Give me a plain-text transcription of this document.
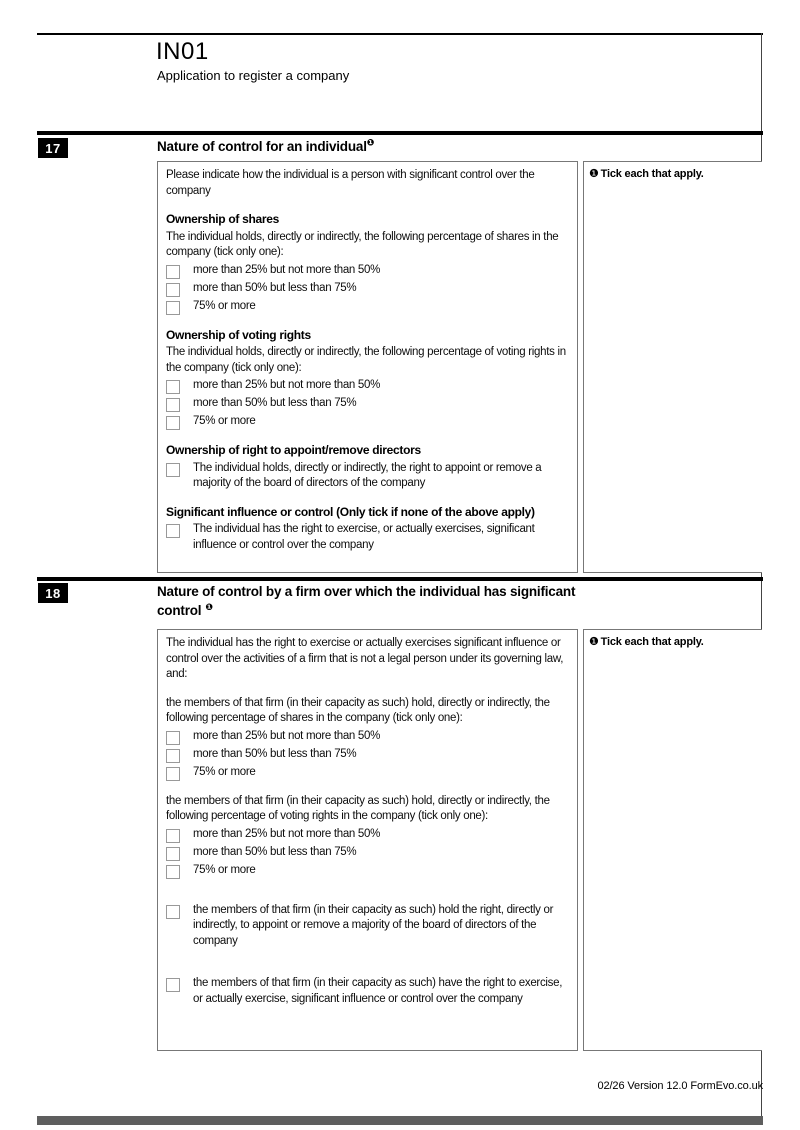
IN01
Application to register a company
17	Nature of control for an individual$^❶$
Please indicate how the individual is a person with significant control over the company
Ownership of shares
The individual holds, directly or indirectly, the following percentage of shares in the company (tick only one):
more than 25% but not more than 50%
more than 50% but less than 75%
75% or more
Ownership of voting rights
The individual holds, directly or indirectly, the following percentage of voting rights in the company (tick only one):
more than 25% but not more than 50%
more than 50% but less than 75%
75% or more
Ownership of right to appoint/remove directors
The individual holds, directly or indirectly, the right to appoint or remove a majority of the board of directors of the company
Significant influence or control (Only tick if none of the above apply)
The individual has the right to exercise, or actually exercises, significant influence or control over the company
❶ Tick each that apply.
18	Nature of control by a firm over which the individual has significant control $^❶$
The individual has the right to exercise or actually exercises significant influence or control over the activities of a firm that is not a legal person under its governing law, and:
the members of that firm (in their capacity as such) hold, directly or indirectly, the following percentage of shares in the company (tick only one):
more than 25% but not more than 50%
more than 50% but less than 75%
75% or more
the members of that firm (in their capacity as such) hold, directly or indirectly, the following percentage of voting rights in the company (tick only one):
more than 25% but not more than 50%
more than 50% but less than 75%
75% or more
the members of that firm (in their capacity as such) hold the right, directly or indirectly, to appoint or remove a majority of the board of directors of the company
the members of that firm (in their capacity as such) have the right to exercise, or actually exercise, significant influence or control over the company
❶ Tick each that apply.
02/26 Version 12.0 FormEvo.co.uk
